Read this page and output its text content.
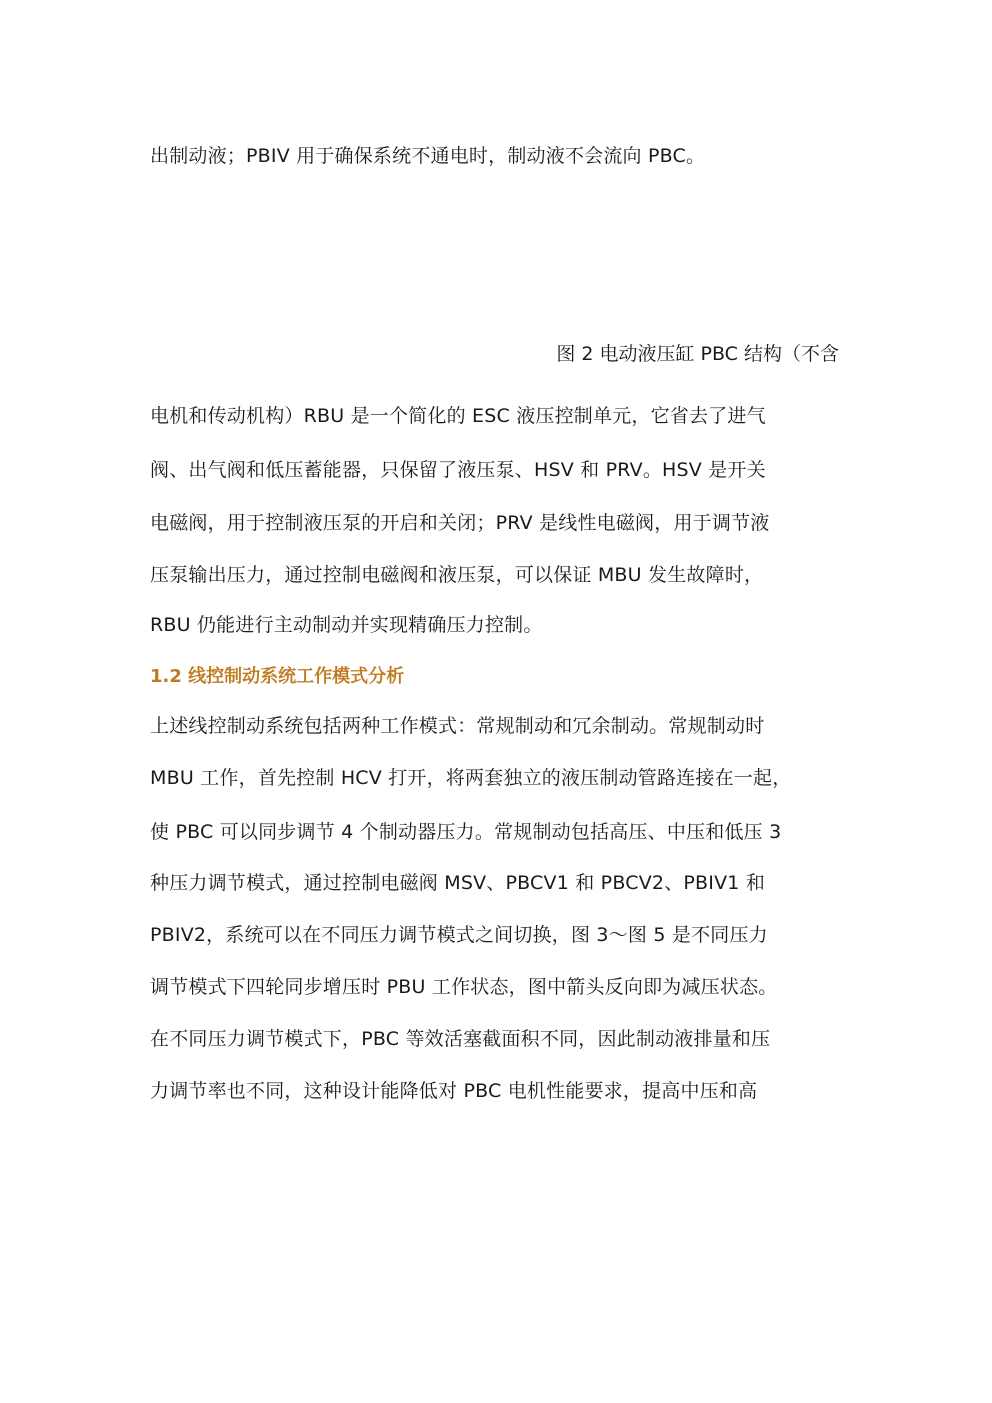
出制动液；PBIV 用于确保系统不通电时，制动液不会流向 PBC。
图 2 电动液压缸 PBC 结构（不含
电机和传动机构）RBU 是一个简化的 ESC 液压控制单元，它省去了进气
阀、出气阀和低压蓄能器，只保留了液压泵、HSV 和 PRV。HSV 是开关
电磁阀，用于控制液压泵的开启和关闭；PRV 是线性电磁阀，用于调节液
压泵输出压力，通过控制电磁阀和液压泵，可以保证 MBU 发生故障时，
RBU 仍能进行主动制动并实现精确压力控制。
1.2 线控制动系统工作模式分析
上述线控制动系统包括两种工作模式：常规制动和冗余制动。常规制动时
MBU 工作，首先控制 HCV 打开，将两套独立的液压制动管路连接在一起，
使 PBC 可以同步调节 4 个制动器压力。常规制动包括高压、中压和低压 3
种压力调节模式，通过控制电磁阀 MSV、PBCV1 和 PBCV2、PBIV1 和
PBIV2，系统可以在不同压力调节模式之间切换，图 3～图 5 是不同压力
调节模式下四轮同步增压时 PBU 工作状态，图中箭头反向即为减压状态。
在不同压力调节模式下，PBC 等效活塞截面积不同，因此制动液排量和压
力调节率也不同，这种设计能降低对 PBC 电机性能要求，提高中压和高
